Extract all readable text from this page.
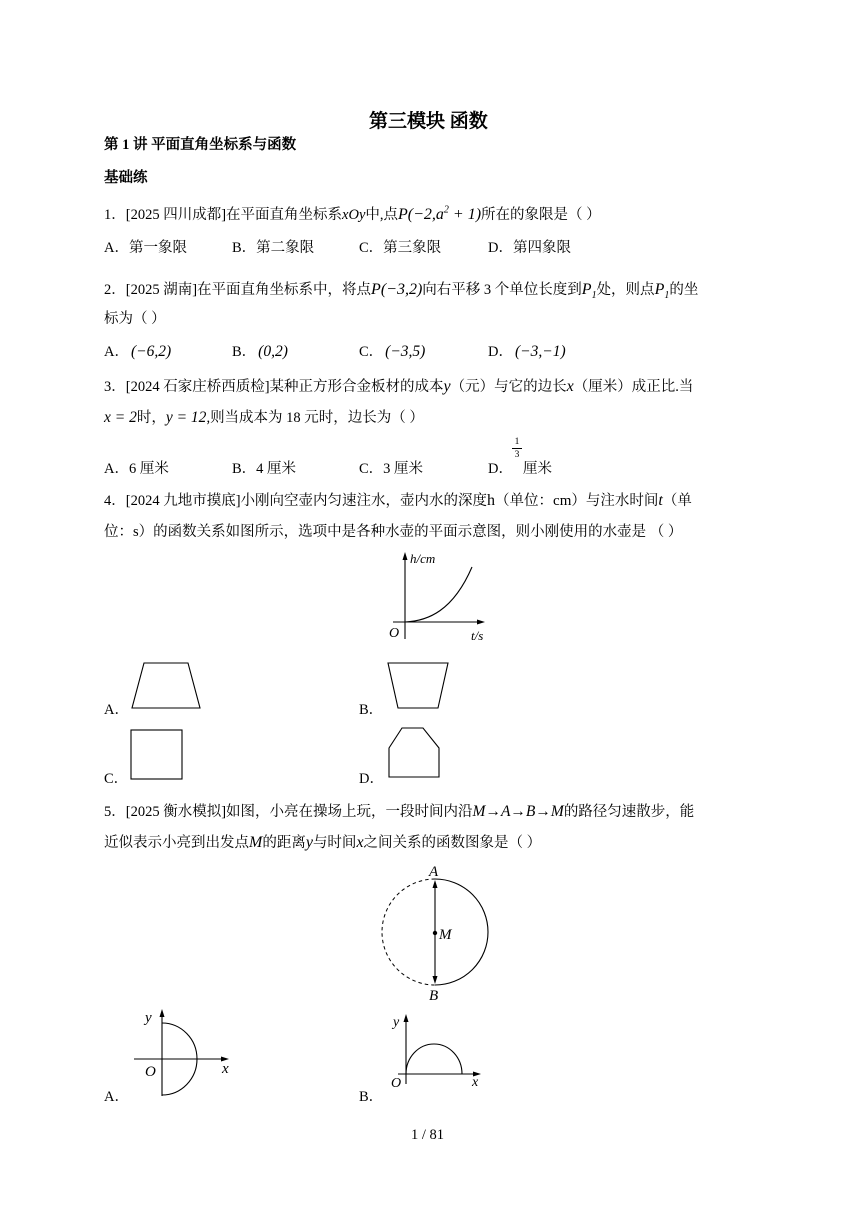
第三模块 函数
第 1 讲 平面直角坐标系与函数
基础练
1．[2025 四川成都]在平面直角坐标系xOy中,点$P(-2,a^2 + 1)$所在的象限是（ ）
A．第一象限	B．第二象限	C．第三象限	D．第四象限
2．[2025 湖南]在平面直角坐标系中，将点P(−3,2)向右平移 3 个单位长度到$P_1$处，则点$P_1$的坐
标为（ ）
A． (−6,2)	B． (0,2)	C． (−3,5)	D． (−3,−1)
3．[2024 石家庄桥西质检]某种正方形合金板材的成本y（元）与它的边长x（厘米）成正比.当
x = 2时，y = 12,则当成本为 18 元时，边长为（ ）
A．6 厘米	B．4 厘米	C．3 厘米	D．
1
3
厘米
4．[2024 九地市摸底]小刚向空壶内匀速注水，壶内水的深度h（单位：cm）与注水时间t（单
位：s）的函数关系如图所示，选项中是各种水壶的平面示意图，则小刚使用的水壶是 （ ）
h/cm
t/s
O
A．	B．
C．	D．
5．[2025 衡水模拟]如图，小亮在操场上玩，一段时间内沿M→A→B→M的路径匀速散步，能
近似表示小亮到出发点M的距离y与时间x之间关系的函数图象是（ ）
A
M
B
A．
y
x
O
B．
y
x
O
1 / 81
